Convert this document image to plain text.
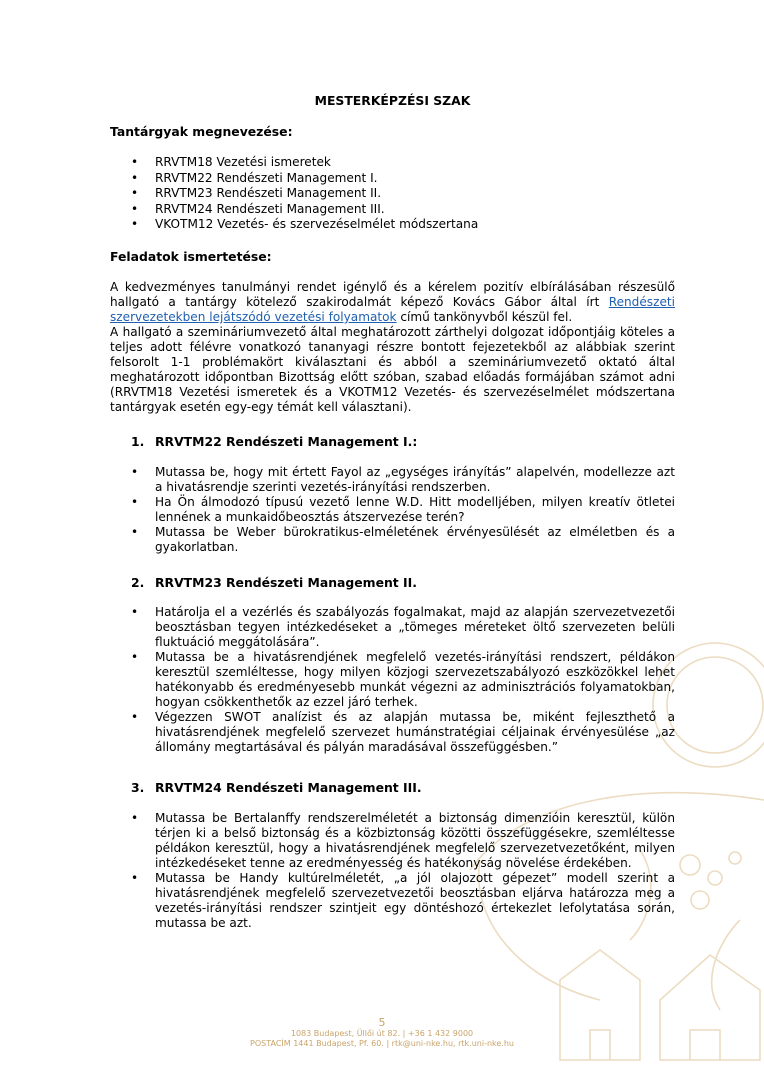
MESTERKÉPZÉSI SZAK
Tantárgyak megnevezése:
• RRVTM18 Vezetési ismeretek
• RRVTM22 Rendészeti Management I.
• RRVTM23 Rendészeti Management II.
• RRVTM24 Rendészeti Management III.
• VKOTM12 Vezetés- és szervezéselmélet módszertana
Feladatok ismertetése:

A kedvezményes tanulmányi rendet igénylő és a kérelem pozitív elbírálásában részesülő hallgató a tantárgy kötelező szakirodalmát képező Kovács Gábor által írt Rendészeti szervezetekben lejátszódó vezetési folyamatok című tankönyvből készül fel.

A hallgató a szemináriumvezető által meghatározott zárthelyi dolgozat időpontjáig köteles a teljes adott félévre vonatkozó tananyagi részre bontott fejezetekből az alábbiak szerint felsorolt 1-1 problémakört kiválasztani és abból a szemináriumvezető oktató által meghatározott időpontban Bizottság előtt szóban, szabad előadás formájában számot adni (RRVTM18 Vezetési ismeretek és a VKOTM12 Vezetés- és szervezéselmélet módszertana tantárgyak esetén egy-egy témát kell választani).

1. RRVTM22 Rendészeti Management I.:
• Mutassa be, hogy mit értett Fayol az „egységes irányítás” alapelvén, modellezze azt a hivatásrendje szerinti vezetés-irányítási rendszerben.
• Ha Ön álmodozó típusú vezető lenne W.D. Hitt modelljében, milyen kreatív ötletei lennének a munkaidőbeosztás átszervezése terén?
• Mutassa be Weber bürokratikus-elméletének érvényesülését az elméletben és a gyakorlatban.
2. RRVTM23 Rendészeti Management II.
• Határolja el a vezérlés és szabályozás fogalmakat, majd az alapján szervezetvezetői beosztásban tegyen intézkedéseket a „tömeges méreteket öltő szervezeten belüli fluktuáció meggátolására”.
• Mutassa be a hivatásrendjének megfelelő vezetés-irányítási rendszert, példákon keresztül szemléltesse, hogy milyen közjogi szervezetszabályozó eszközökkel lehet hatékonyabb és eredményesebb munkát végezni az adminisztrációs folyamatokban, hogyan csökkenthetők az ezzel járó terhek.
• Végezzen SWOT analízist és az alapján mutassa be, miként fejleszthető a hivatásrendjének megfelelő szervezet humánstratégiai céljainak érvényesülése „az állomány megtartásával és pályán maradásával összefüggésben.”
3. RRVTM24 Rendészeti Management III.
• Mutassa be Bertalanffy rendszerelméletét a biztonság dimenzióin keresztül, külön térjen ki a belső biztonság és a közbiztonság közötti összefüggésekre, szemléltesse példákon keresztül, hogy a hivatásrendjének megfelelő szervezetvezetőként, milyen intézkedéseket tenne az eredményesség és hatékonyság növelése érdekében.
• Mutassa be Handy kultúrelméletét, „a jól olajozott gépezet” modell szerint a hivatásrendjének megfelelő szervezetvezetői beosztásban eljárva határozza meg a vezetés-irányítási rendszer szintjeit egy döntéshozó értekezlet lefolytatása során, mutassa be azt.
5
1083 Budapest, Üllői út 82. | +36 1 432 9000
POSTACÍM 1441 Budapest, Pf. 60. | rtk@uni-nke.hu, rtk.uni-nke.hu
